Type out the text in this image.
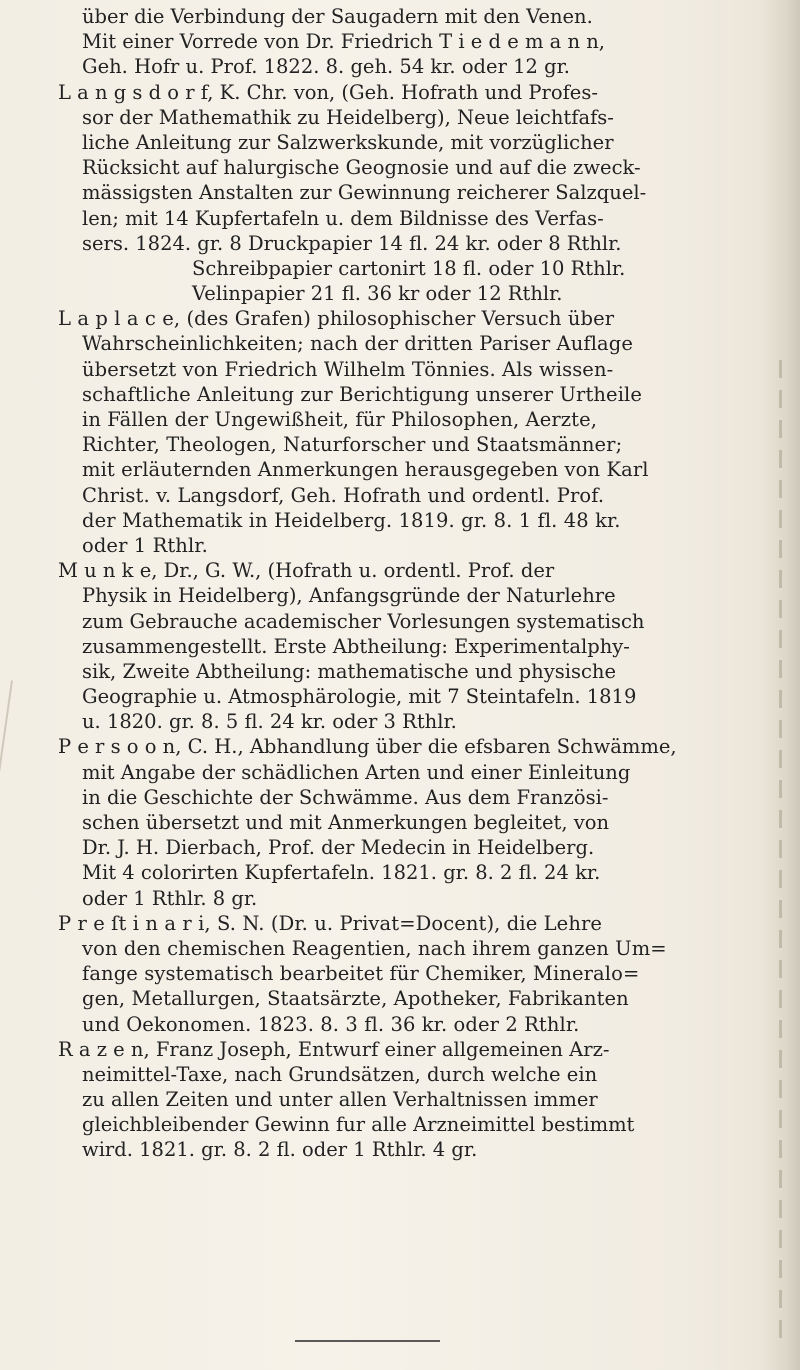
über die Verbindung der Saugadern mit den Venen.
Mit einer Vorrede von Dr. Friedrich T i e d e m a n n,
Geh. Hofr u. Prof. 1822. 8. geh. 54 kr. oder 12 gr.
L a n g s d o r f, K. Chr. von, (Geh. Hofrath und Profes-
sor der Mathemathik zu Heidelberg), Neue leichtfafs-
liche Anleitung zur Salzwerkskunde, mit vorzüglicher
Rücksicht auf halurgische Geognosie und auf die zweck-
mässigsten Anstalten zur Gewinnung reicherer Salzquel-
len; mit 14 Kupfertafeln u. dem Bildnisse des Verfas-
sers. 1824. gr. 8 Druckpapier 14 fl. 24 kr. oder 8 Rthlr.
Schreibpapier cartonirt 18 fl. oder 10 Rthlr.
Velinpapier 21 fl. 36 kr oder 12 Rthlr.
L a p l a c e, (des Grafen) philosophischer Versuch über
Wahrscheinlichkeiten; nach der dritten Pariser Auflage
übersetzt von Friedrich Wilhelm Tönnies. Als wissen-
schaftliche Anleitung zur Berichtigung unserer Urtheile
in Fällen der Ungewißheit, für Philosophen, Aerzte,
Richter, Theologen, Naturforscher und Staatsmänner;
mit erläuternden Anmerkungen herausgegeben von Karl
Christ. v. Langsdorf, Geh. Hofrath und ordentl. Prof.
der Mathematik in Heidelberg. 1819. gr. 8. 1 fl. 48 kr.
oder 1 Rthlr.
M u n k e, Dr., G. W., (Hofrath u. ordentl. Prof. der
Physik in Heidelberg), Anfangsgründe der Naturlehre
zum Gebrauche academischer Vorlesungen systematisch
zusammengestellt. Erste Abtheilung: Experimentalphy-
sik, Zweite Abtheilung: mathematische und physische
Geographie u. Atmosphärologie, mit 7 Steintafeln. 1819
u. 1820. gr. 8. 5 fl. 24 kr. oder 3 Rthlr.
P e r s o o n, C. H., Abhandlung über die efsbaren Schwämme,
mit Angabe der schädlichen Arten und einer Einleitung
in die Geschichte der Schwämme. Aus dem Französi-
schen übersetzt und mit Anmerkungen begleitet, von
Dr. J. H. Dierbach, Prof. der Medecin in Heidelberg.
Mit 4 colorirten Kupfertafeln. 1821. gr. 8. 2 fl. 24 kr.
oder 1 Rthlr. 8 gr.
P r e ſt i n a r i, S. N. (Dr. u. Privat=Docent), die Lehre
von den chemischen Reagentien, nach ihrem ganzen Um=
fange systematisch bearbeitet für Chemiker, Mineralo=
gen, Metallurgen, Staatsärzte, Apotheker, Fabrikanten
und Oekonomen. 1823. 8. 3 fl. 36 kr. oder 2 Rthlr.
R a z e n, Franz Joseph, Entwurf einer allgemeinen Arz-
neimittel-Taxe, nach Grundsätzen, durch welche ein
zu allen Zeiten und unter allen Verhaltnissen immer
gleichbleibender Gewinn fur alle Arzneimittel bestimmt
wird. 1821. gr. 8. 2 fl. oder 1 Rthlr. 4 gr.
